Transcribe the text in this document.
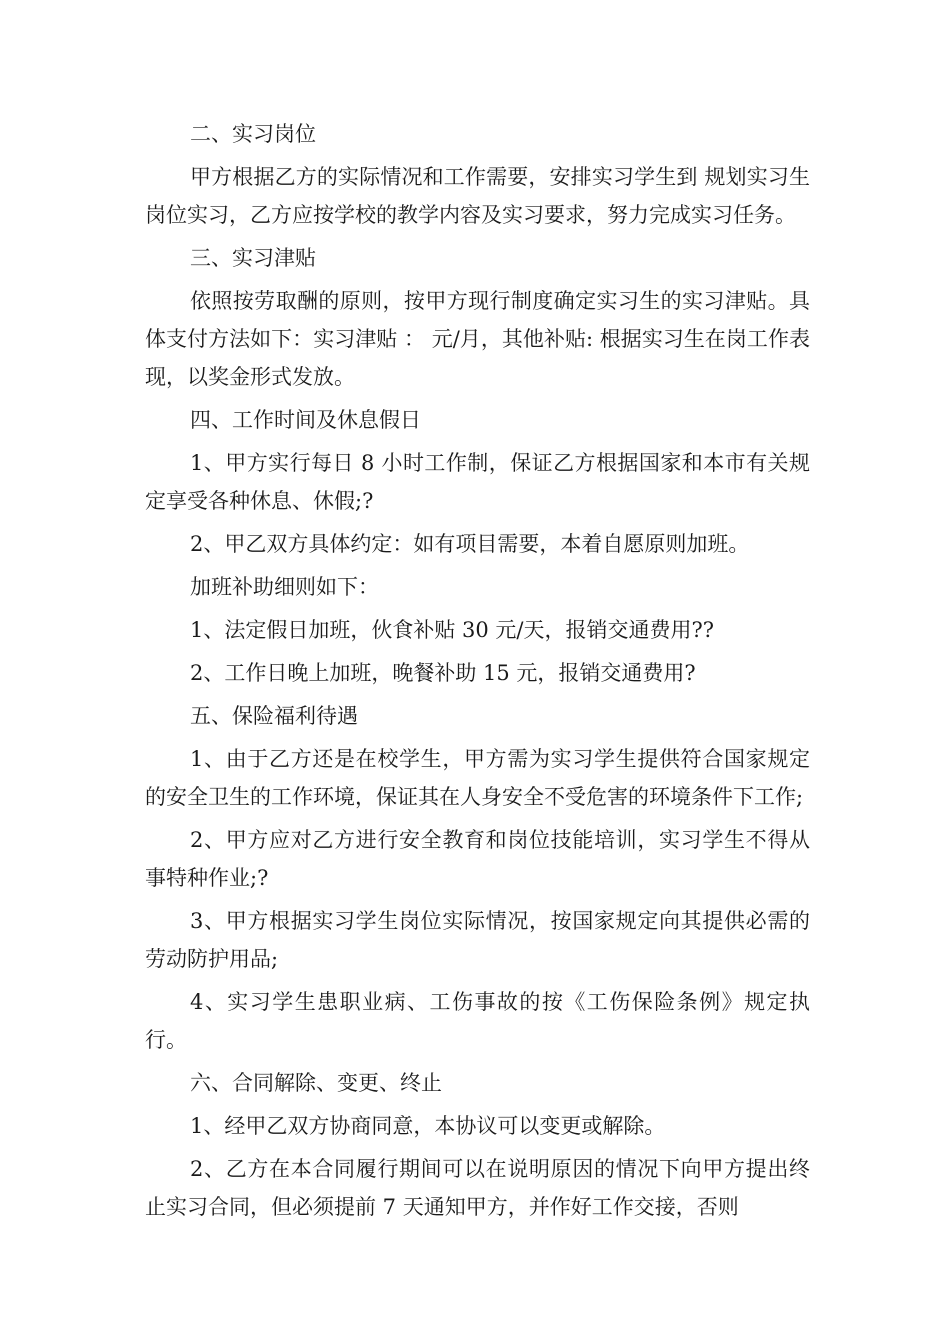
二、实习岗位

甲方根据乙方的实际情况和工作需要，安排实习学生到 规划实习生 岗位实习，乙方应按学校的教学内容及实习要求，努力完成实习任务。

三、实习津贴

依照按劳取酬的原则，按甲方现行制度确定实习生的实习津贴。具体支付方法如下：实习津贴 ： 元/月，其他补贴: 根据实习生在岗工作表现，以奖金形式发放。

四、工作时间及休息假日

1、甲方实行每日 8 小时工作制，保证乙方根据国家和本市有关规定享受各种休息、休假;?

2、甲乙双方具体约定：如有项目需要，本着自愿原则加班。

加班补助细则如下：

1、法定假日加班，伙食补贴 30 元/天，报销交通费用??

2、工作日晚上加班，晚餐补助 15 元，报销交通费用?

五、保险福利待遇

1、由于乙方还是在校学生，甲方需为实习学生提供符合国家规定的安全卫生的工作环境，保证其在人身安全不受危害的环境条件下工作;

2、甲方应对乙方进行安全教育和岗位技能培训，实习学生不得从事特种作业;?

3、甲方根据实习学生岗位实际情况，按国家规定向其提供必需的劳动防护用品;

4、实习学生患职业病、工伤事故的按《工伤保险条例》规定执行。

六、合同解除、变更、终止

1、经甲乙双方协商同意，本协议可以变更或解除。

2、乙方在本合同履行期间可以在说明原因的情况下向甲方提出终止实习合同，但必须提前 7 天通知甲方，并作好工作交接，否则
